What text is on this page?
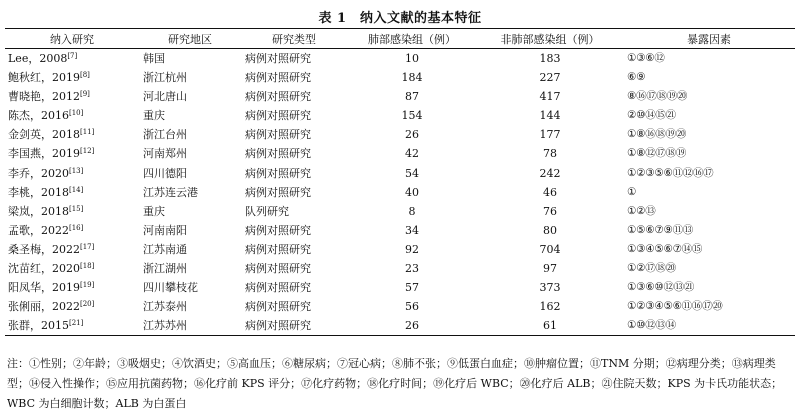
表 1　纳入文献的基本特征
纳入研究	研究地区	研究类型	肺部感染组（例）	非肺部感染组（例）	暴露因素
Lee，2008[7]	韩国	病例对照研究	10	183	①③⑥⑫
鲍秋红，2019[8]	浙江杭州	病例对照研究	184	227	⑥⑨
曹晓艳，2012[9]	河北唐山	病例对照研究	87	417	⑧⑯⑰⑱⑲⑳
陈杰，2016[10]	重庆	病例对照研究	154	144	②⑩⑭⑮㉑
金剑英，2018[11]	浙江台州	病例对照研究	26	177	①⑧⑯⑱⑲⑳
李国燕，2019[12]	河南郑州	病例对照研究	42	78	①⑧⑫⑰⑱⑲
李乔，2020[13]	四川德阳	病例对照研究	54	242	①②③⑤⑥⑪⑫⑯⑰
李桃，2018[14]	江苏连云港	病例对照研究	40	46	①
梁岚，2018[15]	重庆	队列研究	8	76	①②⑬
孟歌，2022[16]	河南南阳	病例对照研究	34	80	①⑤⑥⑦⑨⑪⑬
桑圣梅，2022[17]	江苏南通	病例对照研究	92	704	①③④⑤⑥⑦⑭⑮
沈苗红，2020[18]	浙江湖州	病例对照研究	23	97	①②⑰⑱⑳
阳凤华，2019[19]	四川攀枝花	病例对照研究	57	373	①③⑥⑩⑫⑬㉑
张俐丽，2022[20]	江苏泰州	病例对照研究	56	162	①②③④⑤⑥⑪⑯⑰⑳
张群，2015[21]	江苏苏州	病例对照研究	26	61	①⑩⑫⑬⑭
注：①性别；②年龄；③吸烟史；④饮酒史；⑤高血压；⑥糖尿病；⑦冠心病；⑧肺不张；⑨低蛋白血症；⑩肿瘤位置；⑪TNM 分期；⑫病理分类；⑬病理类型；⑭侵入性操作；⑮应用抗菌药物；⑯化疗前 KPS 评分；⑰化疗药物；⑱化疗时间；⑲化疗后 WBC；⑳化疗后 ALB；㉑住院天数；KPS 为卡氏功能状态；WBC 为白细胞计数；ALB 为白蛋白
